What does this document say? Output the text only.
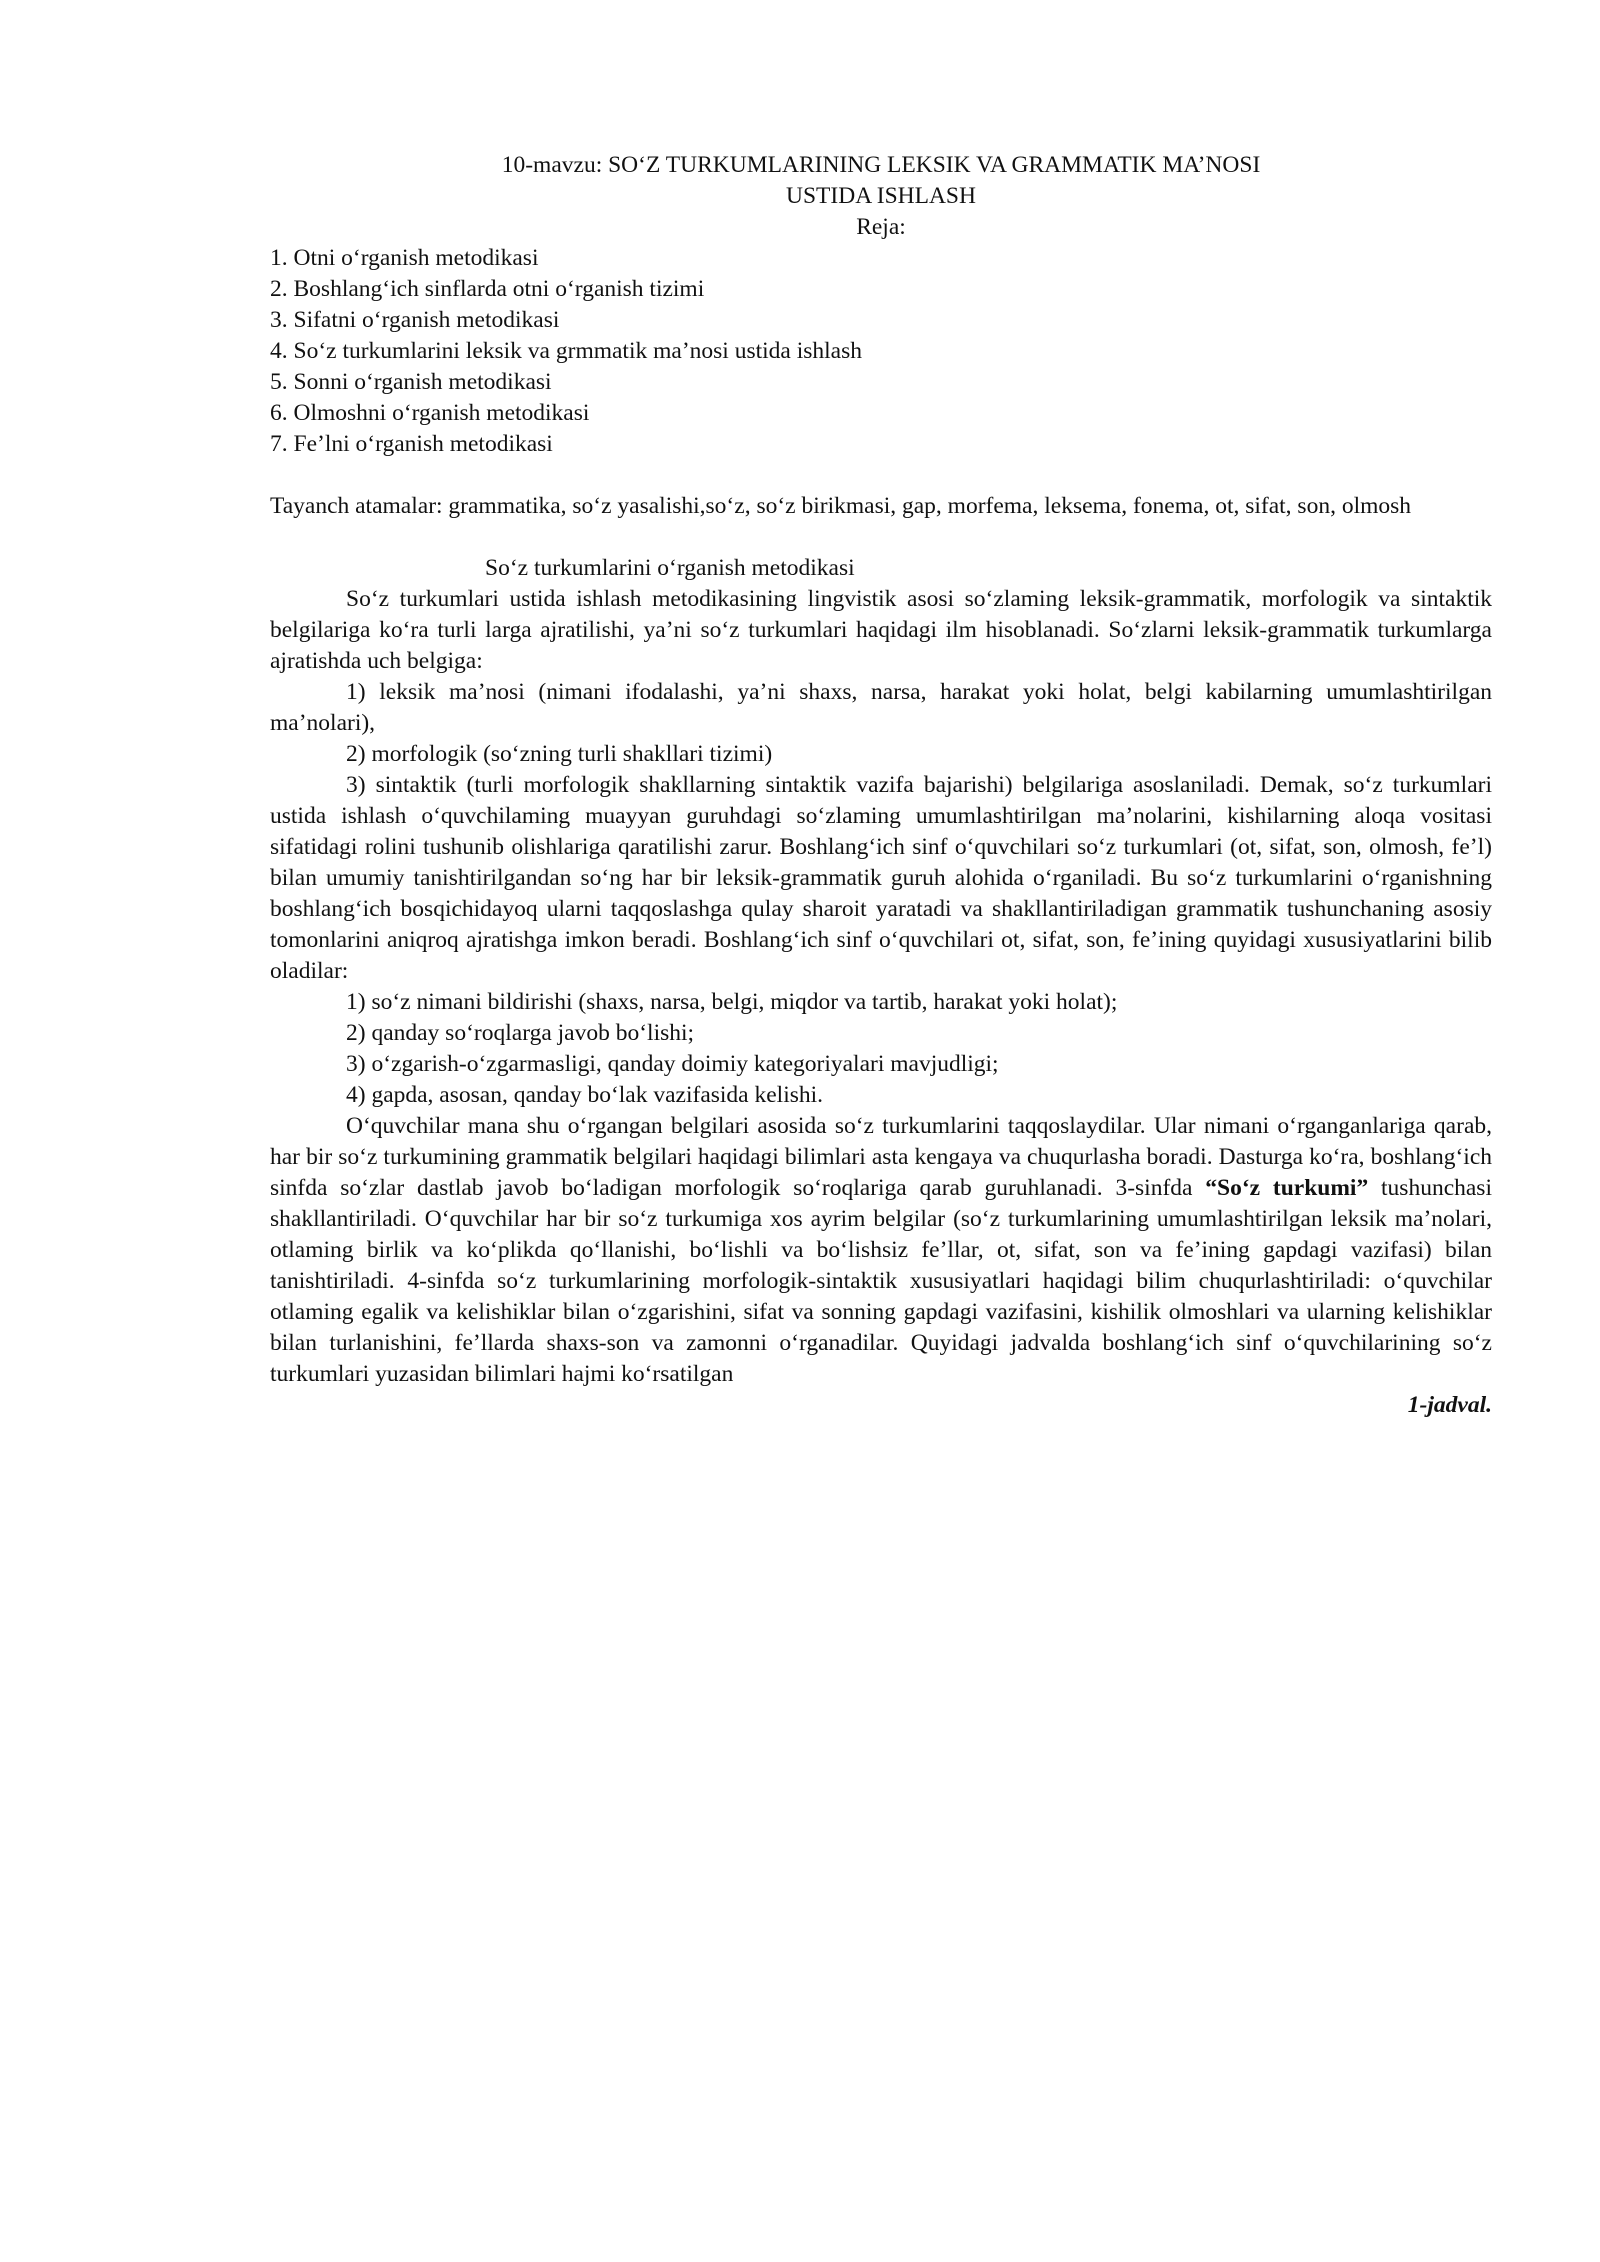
10-mavzu: SO‘Z TURKUMLARINING LEKSIK VA GRAMMATIK MA’NOSI
USTIDA ISHLASH
Reja:
1. Otni o‘rganish metodikasi
2. Boshlang‘ich sinflarda otni o‘rganish tizimi
3. Sifatni o‘rganish metodikasi
4. So‘z turkumlarini leksik va grmmatik ma’nosi ustida ishlash
5. Sonni o‘rganish metodikasi
6. Olmoshni o‘rganish metodikasi
7. Fe’lni o‘rganish metodikasi

Tayanch atamalar: grammatika, so‘z yasalishi,so‘z, so‘z birikmasi, gap, morfema, leksema, fonema, ot, sifat, son, olmosh

So‘z turkumlarini o‘rganish metodikasi

So‘z turkumlari ustida ishlash metodikasining lingvistik asosi so‘zlaming leksik-grammatik, morfologik va sintaktik belgilariga ko‘ra turli larga ajratilishi, ya’ni so‘z turkumlari haqidagi ilm hisoblanadi. So‘zlarni leksik-grammatik turkumlarga ajratishda uch belgiga:

1) leksik ma’nosi (nimani ifodalashi, ya’ni shaxs, narsa, harakat yoki holat, belgi kabilarning umumlashtirilgan ma’nolari),

2) morfologik (so‘zning turli shakllari tizimi)

3) sintaktik (turli morfologik shakllarning sintaktik vazifa bajarishi) belgilariga asoslaniladi. Demak, so‘z turkumlari ustida ishlash o‘quvchilaming muayyan guruhdagi so‘zlaming umumlashtirilgan ma’nolarini, kishilarning aloqa vositasi sifatidagi rolini tushunib olishlariga qaratilishi zarur. Boshlang‘ich sinf o‘quvchilari so‘z turkumlari (ot, sifat, son, olmosh, fe’l) bilan umumiy tanishtirilgandan so‘ng har bir leksik-grammatik guruh alohida o‘rganiladi. Bu so‘z turkumlarini o‘rganishning boshlang‘ich bosqichidayoq ularni taqqoslashga qulay sharoit yaratadi va shakllantiriladigan grammatik tushunchaning asosiy tomonlarini aniqroq ajratishga imkon beradi. Boshlang‘ich sinf o‘quvchilari ot, sifat, son, fe’ining quyidagi xususiyatlarini bilib oladilar:

1) so‘z nimani bildirishi (shaxs, narsa, belgi, miqdor va tartib, harakat yoki holat);

2) qanday so‘roqlarga javob bo‘lishi;

3) o‘zgarish-o‘zgarmasligi, qanday doimiy kategoriyalari mavjudligi;

4) gapda, asosan, qanday bo‘lak vazifasida kelishi.

O‘quvchilar mana shu o‘rgangan belgilari asosida so‘z turkumlarini taqqoslaydilar. Ular nimani o‘rganganlariga qarab, har bir so‘z turkumining grammatik belgilari haqidagi bilimlari asta kengaya va chuqurlasha boradi. Dasturga ko‘ra, boshlang‘ich sinfda so‘zlar dastlab javob bo‘ladigan morfologik so‘roqlariga qarab guruhlanadi. 3-sinfda “So‘z turkumi” tushunchasi shakllantiriladi. O‘quvchilar har bir so‘z turkumiga xos ayrim belgilar (so‘z turkumlarining umumlashtirilgan leksik ma’nolari, otlaming birlik va ko‘plikda qo‘llanishi, bo‘lishli va bo‘lishsiz fe’llar, ot, sifat, son va fe’ining gapdagi vazifasi) bilan tanishtiriladi. 4-sinfda so‘z turkumlarining morfologik-sintaktik xususiyatlari haqidagi bilim chuqurlashtiriladi: o‘quvchilar otlaming egalik va kelishiklar bilan o‘zgarishini, sifat va sonning gapdagi vazifasini, kishilik olmoshlari va ularning kelishiklar bilan turlanishini, fe’llarda shaxs-son va zamonni o‘rganadilar. Quyidagi jadvalda boshlang‘ich sinf o‘quvchilarining so‘z turkumlari yuzasidan bilimlari hajmi ko‘rsatilgan

1-jadval.
